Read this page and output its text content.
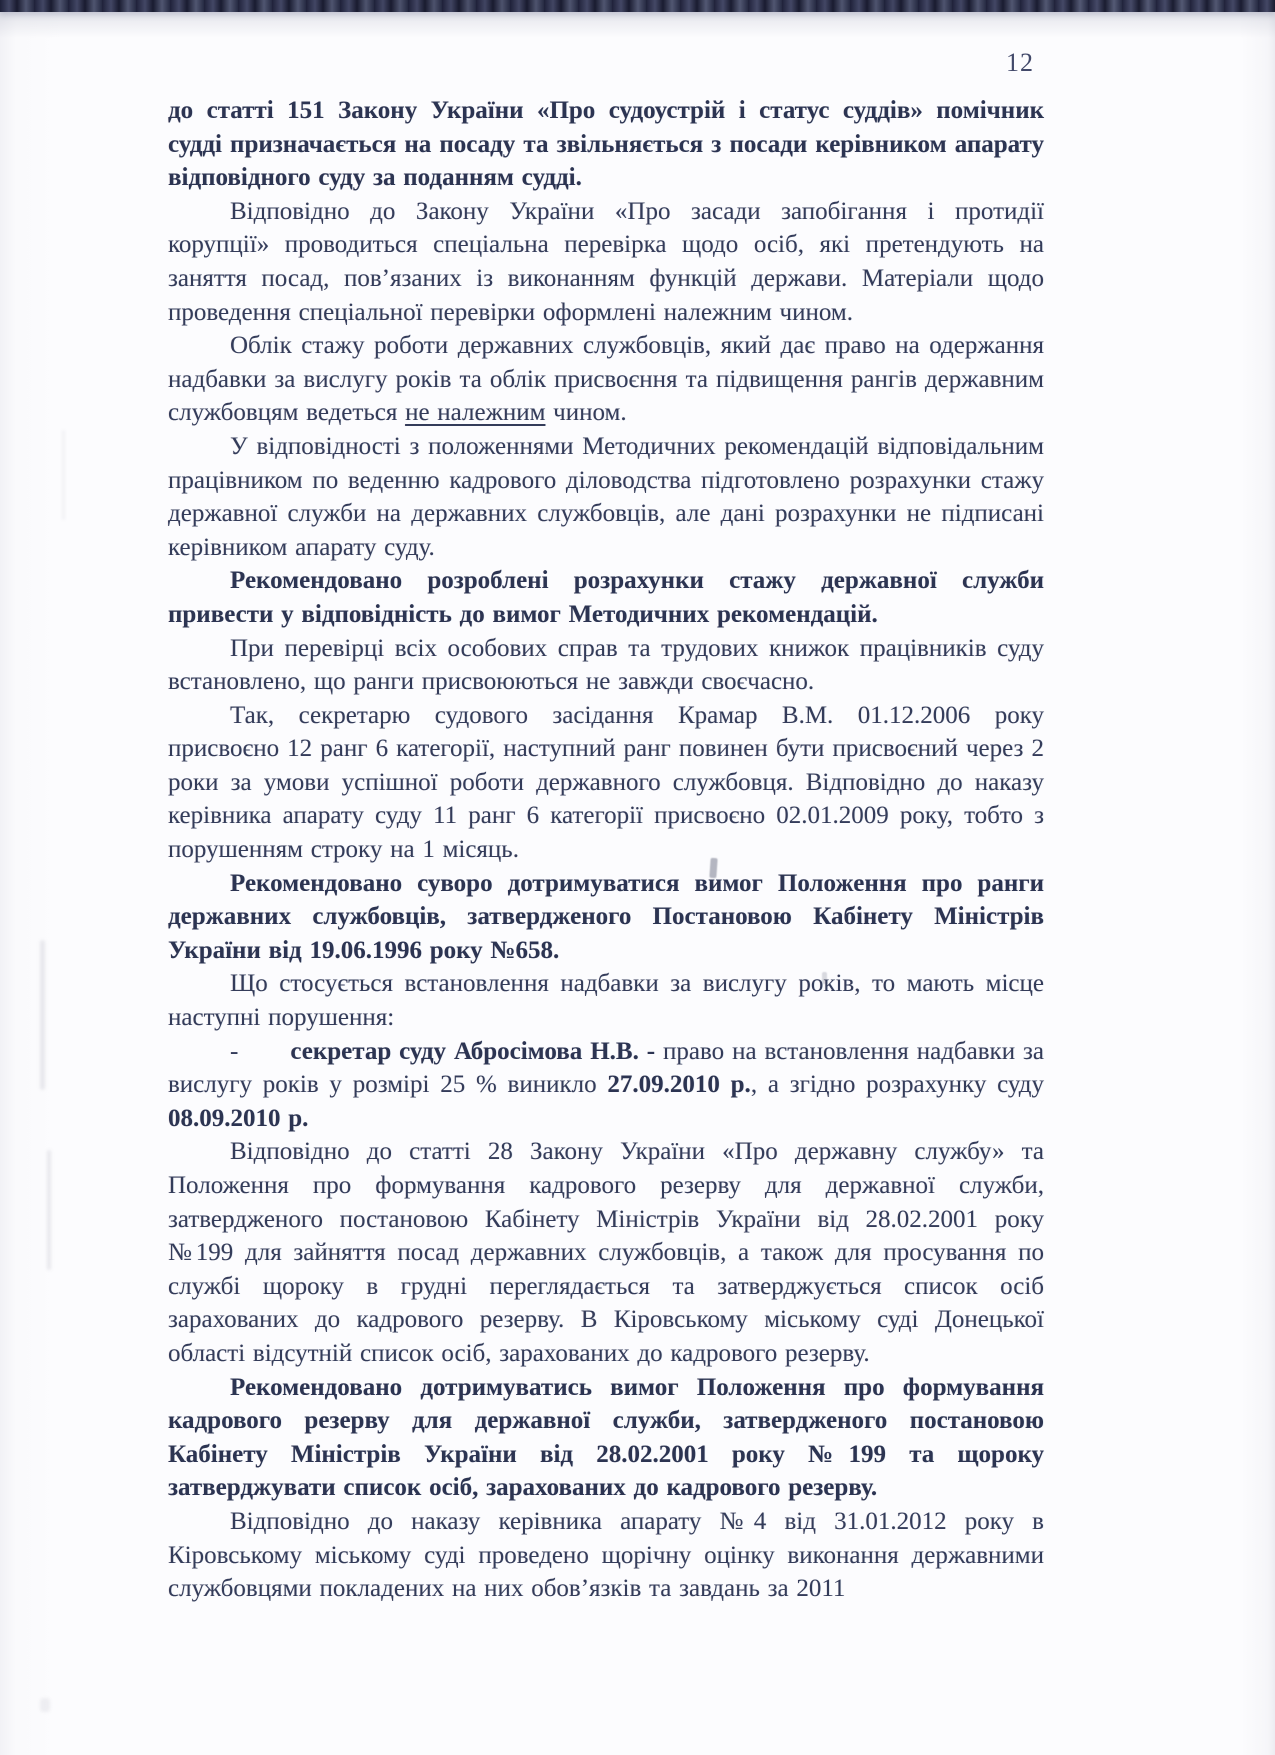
12

до статті 151 Закону України «Про судоустрій і статус суддів» помічник судді призначається на посаду та звільняється з посади керівником апарату відповідного суду за поданням судді.

Відповідно до Закону України «Про засади запобігання і протидії корупції» проводиться спеціальна перевірка щодо осіб, які претендують на заняття посад, пов’язаних із виконанням функцій держави. Матеріали щодо проведення спеціальної перевірки оформлені належним чином.

Облік стажу роботи державних службовців, який дає право на одержання надбавки за вислугу років та облік присвоєння та підвищення рангів державним службовцям ведеться не належним чином.

У відповідності з положеннями Методичних рекомендацій відповідальним працівником по веденню кадрового діловодства підготовлено розрахунки стажу державної служби на державних службовців, але дані розрахунки не підписані керівником апарату суду.

Рекомендовано розроблені розрахунки стажу державної служби привести у відповідність до вимог Методичних рекомендацій.

При перевірці всіх особових справ та трудових книжок працівників суду встановлено, що ранги присвоюються не завжди своєчасно.

Так, секретарю судового засідання Крамар В.М. 01.12.2006 року присвоєно 12 ранг 6 категорії, наступний ранг повинен бути присвоєний через 2 роки за умови успішної роботи державного службовця. Відповідно до наказу керівника апарату суду 11 ранг 6 категорії присвоєно 02.01.2009 року, тобто з порушенням строку на 1 місяць.

Рекомендовано суворо дотримуватися вимог Положення про ранги державних службовців, затвердженого Постановою Кабінету Міністрів України від 19.06.1996 року №658.

Що стосується встановлення надбавки за вислугу років, то мають місце наступні порушення:

- секретар суду Абросімова Н.В. - право на встановлення надбавки за вислугу років у розмірі 25 % виникло 27.09.2010 р., а згідно розрахунку суду 08.09.2010 р.

Відповідно до статті 28 Закону України «Про державну службу» та Положення про формування кадрового резерву для державної служби, затвердженого постановою Кабінету Міністрів України від 28.02.2001 року №199 для зайняття посад державних службовців, а також для просування по службі щороку в грудні переглядається та затверджується список осіб зарахованих до кадрового резерву. В Кіровському міському суді Донецької області відсутній список осіб, зарахованих до кадрового резерву.

Рекомендовано дотримуватись вимог Положення про формування кадрового резерву для державної служби, затвердженого постановою Кабінету Міністрів України від 28.02.2001 року №199 та щороку затверджувати список осіб, зарахованих до кадрового резерву.

Відповідно до наказу керівника апарату №4 від 31.01.2012 року в Кіровському міському суді проведено щорічну оцінку виконання державними службовцями покладених на них обов’язків та завдань за 2011
